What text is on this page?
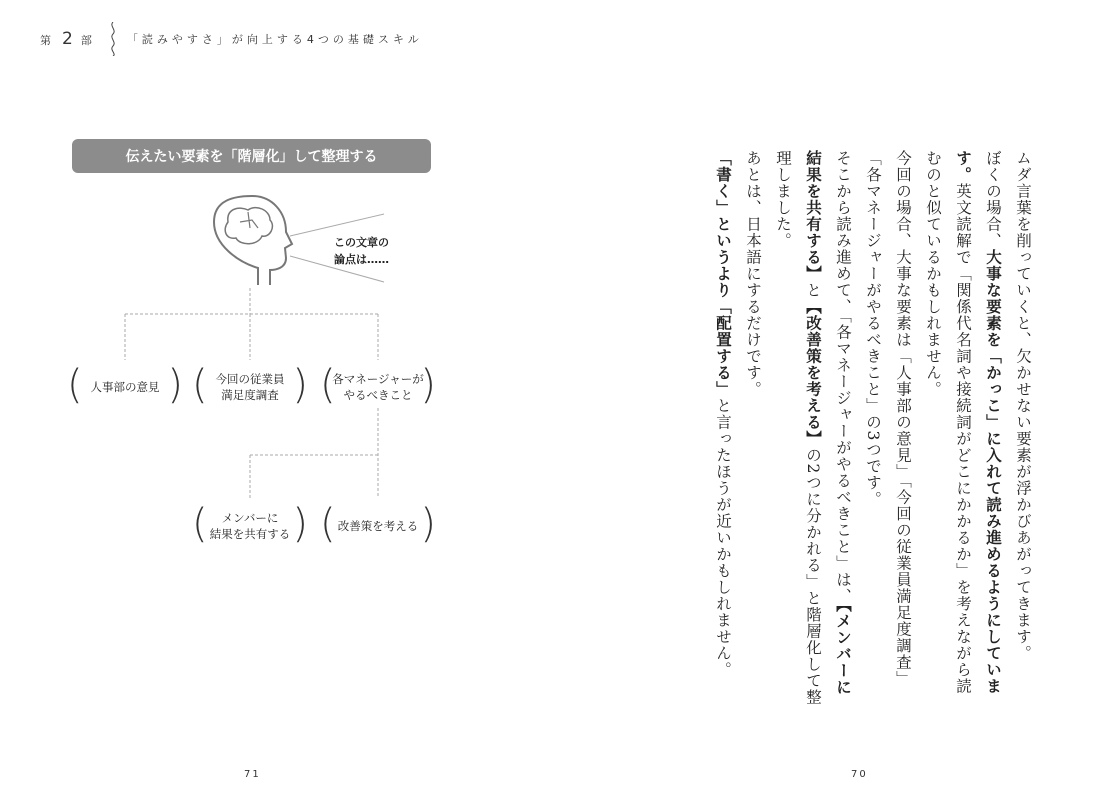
第 2 部	「読みやすさ」が向上する4つの基礎スキル
伝えたい要素を「階層化」して整理する
この文章の
論点は……
( 人事部の意見 ) ( 今回の従業員
満足度調査 ) (
各マネージャーが
やるべきこと )
(	メンバーに
結果を共有する ) ( 改善策を考える )
71

ムダ言葉を削っていくと、欠かせない要素が浮かびあがってきます。

ぼくの場合、大事な要素を「かっこ」に入れて読み進めるようにしています。英文読解で「関係代名詞や接続詞がどこにかかるか」を考えながら読むのと似ているかもしれません。

今回の場合、大事な要素は「人事部の意見」「今回の従業員満足度調査」「各マネージャーがやるべきこと」の3つです。

そこから読み進めて、「各マネージャーがやるべきこと」は、【メンバーに結果を共有する】と【改善策を考える】の2つに分かれる」と階層化して整理しました。

あとは、日本語にするだけです。

「書く」というより「配置する」と言ったほうが近いかもしれません。

70
